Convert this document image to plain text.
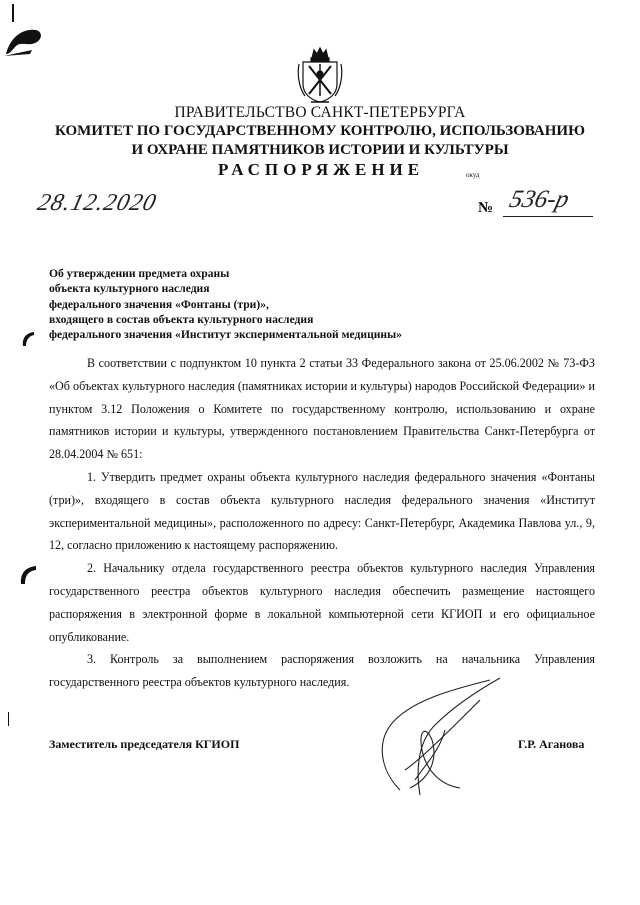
ПРАВИТЕЛЬСТВО САНКТ-ПЕТЕРБУРГА
КОМИТЕТ ПО ГОСУДАРСТВЕННОМУ КОНТРОЛЮ, ИСПОЛЬЗОВАНИЮ
И ОХРАНЕ ПАМЯТНИКОВ ИСТОРИИ И КУЛЬТУРЫ
РАСПОРЯЖЕНИЕ	окуд
28.12.2020	№ 536-р
Об утверждении предмета охраны
объекта культурного наследия
федерального значения «Фонтаны (три)»,
входящего в состав объекта культурного наследия
федерального значения «Институт экспериментальной медицины»

В соответствии с подпунктом 10 пункта 2 статьи 33 Федерального закона от 25.06.2002 № 73-ФЗ «Об объектах культурного наследия (памятниках истории и культуры) народов Российской Федерации» и пунктом 3.12 Положения о Комитете по государственному контролю, использованию и охране памятников истории и культуры, утвержденного постановлением Правительства Санкт-Петербурга от 28.04.2004 № 651:

1. Утвердить предмет охраны объекта культурного наследия федерального значения «Фонтаны (три)», входящего в состав объекта культурного наследия федерального значения «Институт экспериментальной медицины», расположенного по адресу: Санкт-Петербург, Академика Павлова ул., 9, 12, согласно приложению к настоящему распоряжению.

2. Начальнику отдела государственного реестра объектов культурного наследия Управления государственного реестра объектов культурного наследия обеспечить размещение настоящего распоряжения в электронной форме в локальной компьютерной сети КГИОП и его официальное опубликование.

3. Контроль за выполнением распоряжения возложить на начальника Управления государственного реестра объектов культурного наследия.

Заместитель председателя КГИОП	Г.Р. Аганова
